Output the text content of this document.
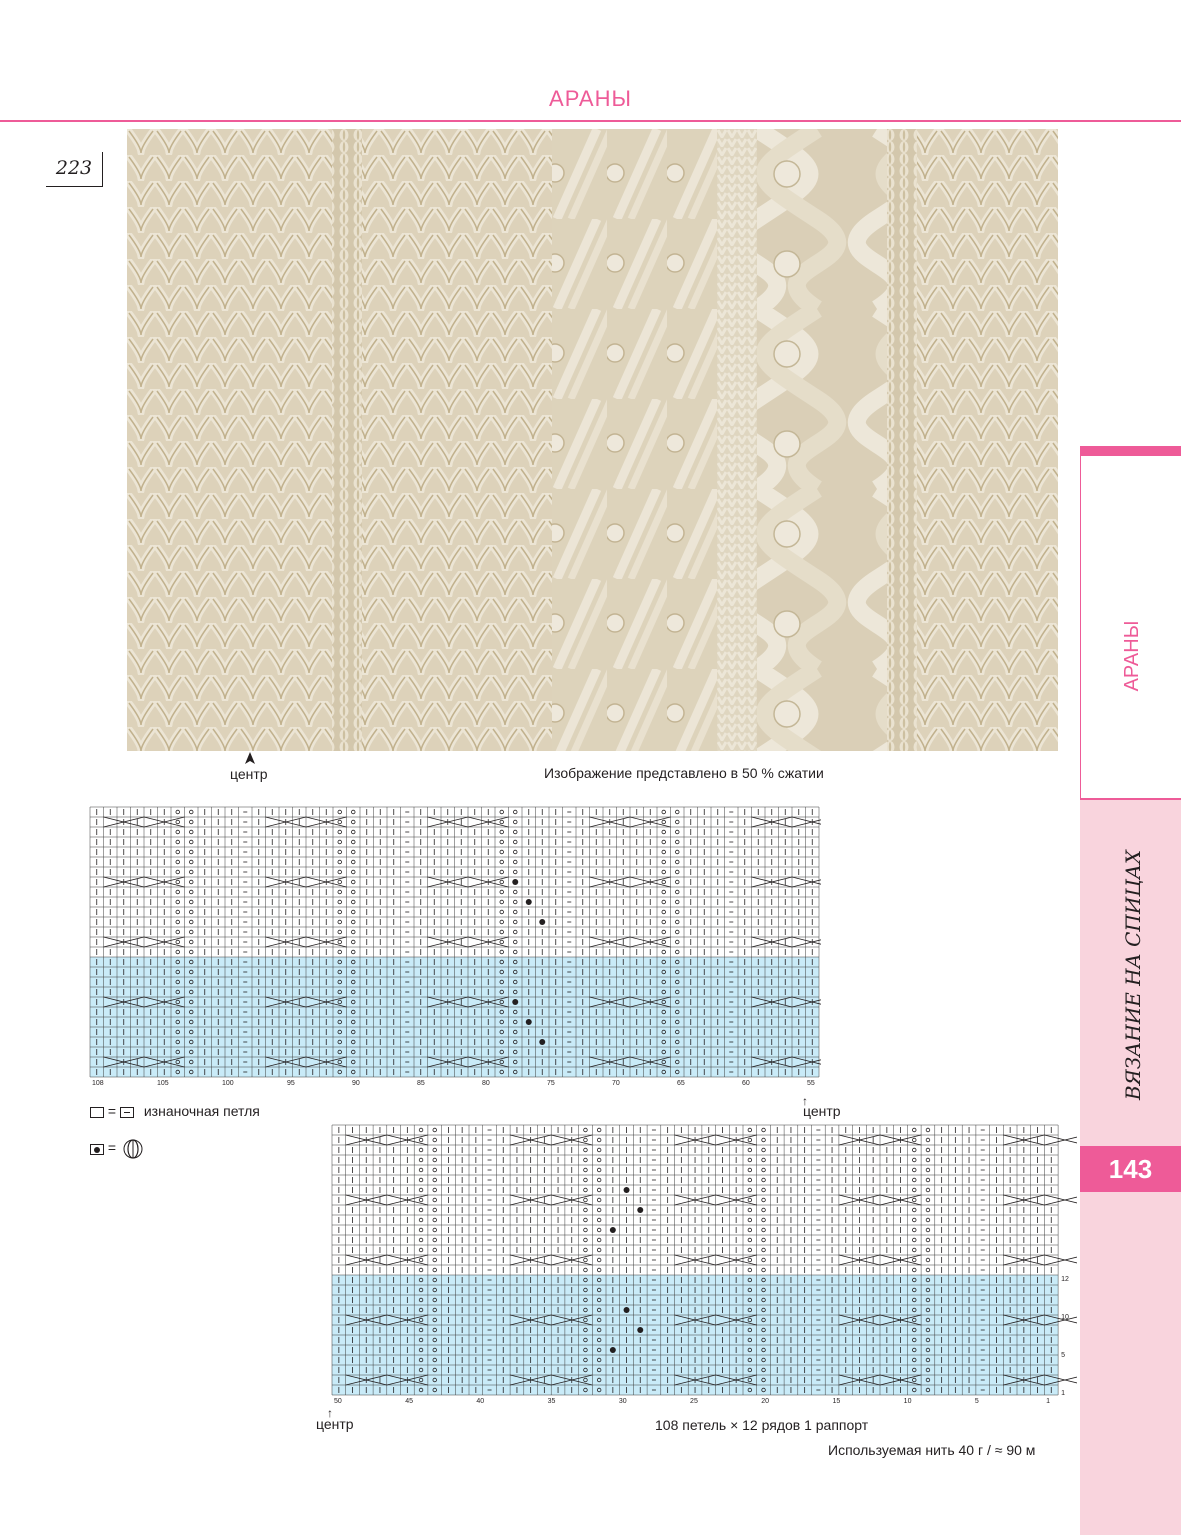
АРАНЫ
223
центр	Изображение представлено в 50 % сжатии
АРАНЫ
ВЯЗАНИЕ НА СПИЦАХ
143
108	105	100	95	90	85	80	75	70	65	60	55
↑
центр
= изнаночная петля
=
50	45	40	35	30	25	20	15	10	5	1
12
10
5
1
↑
центр	108 петель × 12 рядов 1 раппорт
Используемая нить 40 г / ≈ 90 м
